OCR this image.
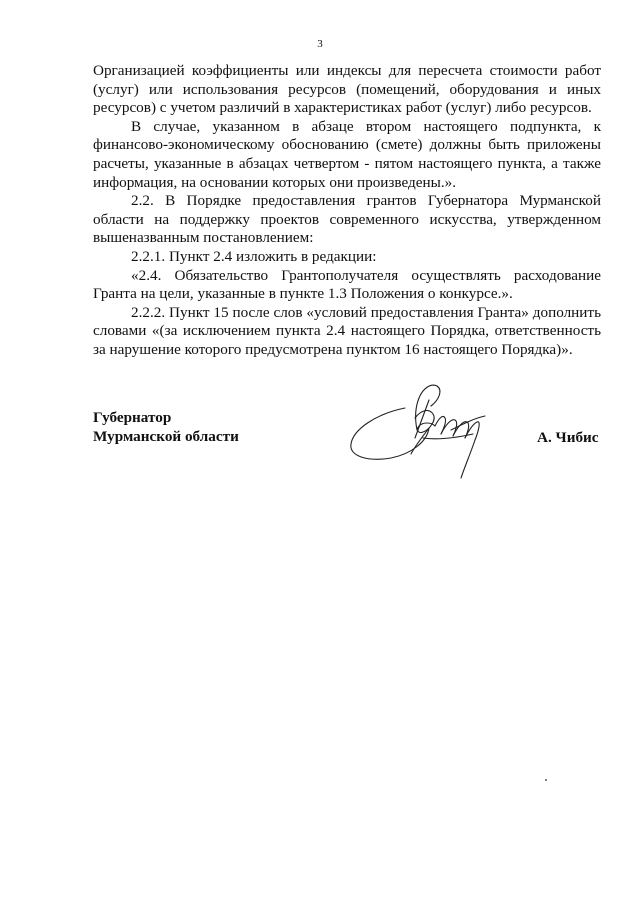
3

Организацией коэффициенты или индексы для пересчета стоимости работ (услуг) или использования ресурсов (помещений, оборудования и иных ресурсов) с учетом различий в характеристиках работ (услуг) либо ресурсов.

В случае, указанном в абзаце втором настоящего подпункта, к финансово-экономическому обоснованию (смете) должны быть приложены расчеты, указанные в абзацах четвертом - пятом настоящего пункта, а также информация, на основании которых они произведены.».

2.2. В Порядке предоставления грантов Губернатора Мурманской области на поддержку проектов современного искусства, утвержденном вышеназванным постановлением:

2.2.1. Пункт 2.4 изложить в редакции:

«2.4. Обязательство Грантополучателя осуществлять расходование Гранта на цели, указанные в пункте 1.3 Положения о конкурсе.».

2.2.2. Пункт 15 после слов «условий предоставления Гранта» дополнить словами «(за исключением пункта 2.4 настоящего Порядка, ответственность за нарушение которого предусмотрена пунктом 16 настоящего Порядка)».

Губернатор
Мурманской области	А. Чибис
